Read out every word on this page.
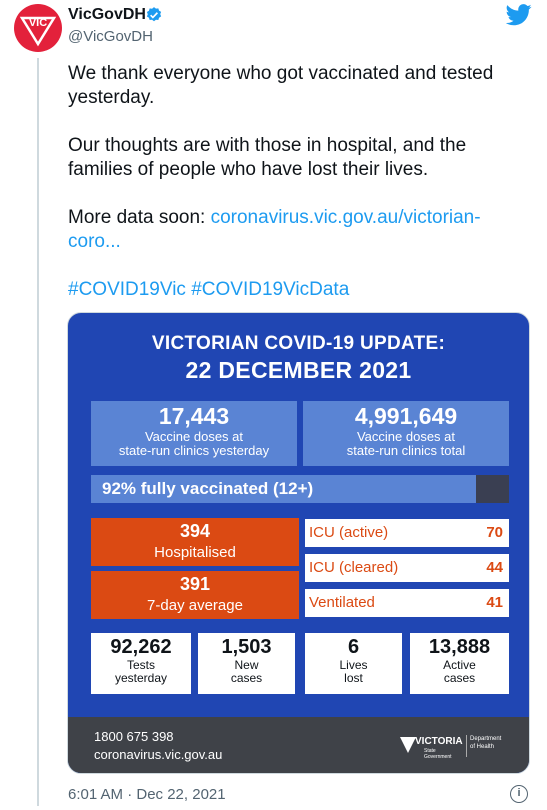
VIC	VicGovDH
@VicGovDH

We thank everyone who got vaccinated and tested yesterday.

Our thoughts are with those in hospital, and the families of people who have lost their lives.

More data soon: coronavirus.vic.gov.au/victorian-coro...

#COVID19Vic #COVID19VicData

VICTORIAN COVID-19 UPDATE:
22 DECEMBER 2021
17,443
Vaccine doses at
state-run clinics yesterday
4,991,649
Vaccine doses at
state-run clinics total
92% fully vaccinated (12+)
394
Hospitalised
391
7-day average
ICU (active)	70
ICU (cleared)	44
Ventilated	41
92,262
Tests
yesterday
1,503
New
cases
6
Lives
lost
13,888
Active
cases
1800 675 398
coronavirus.vic.gov.au
VICTORIA
State
Government
Department
of Health
6:01 AM · Dec 22, 2021	i
